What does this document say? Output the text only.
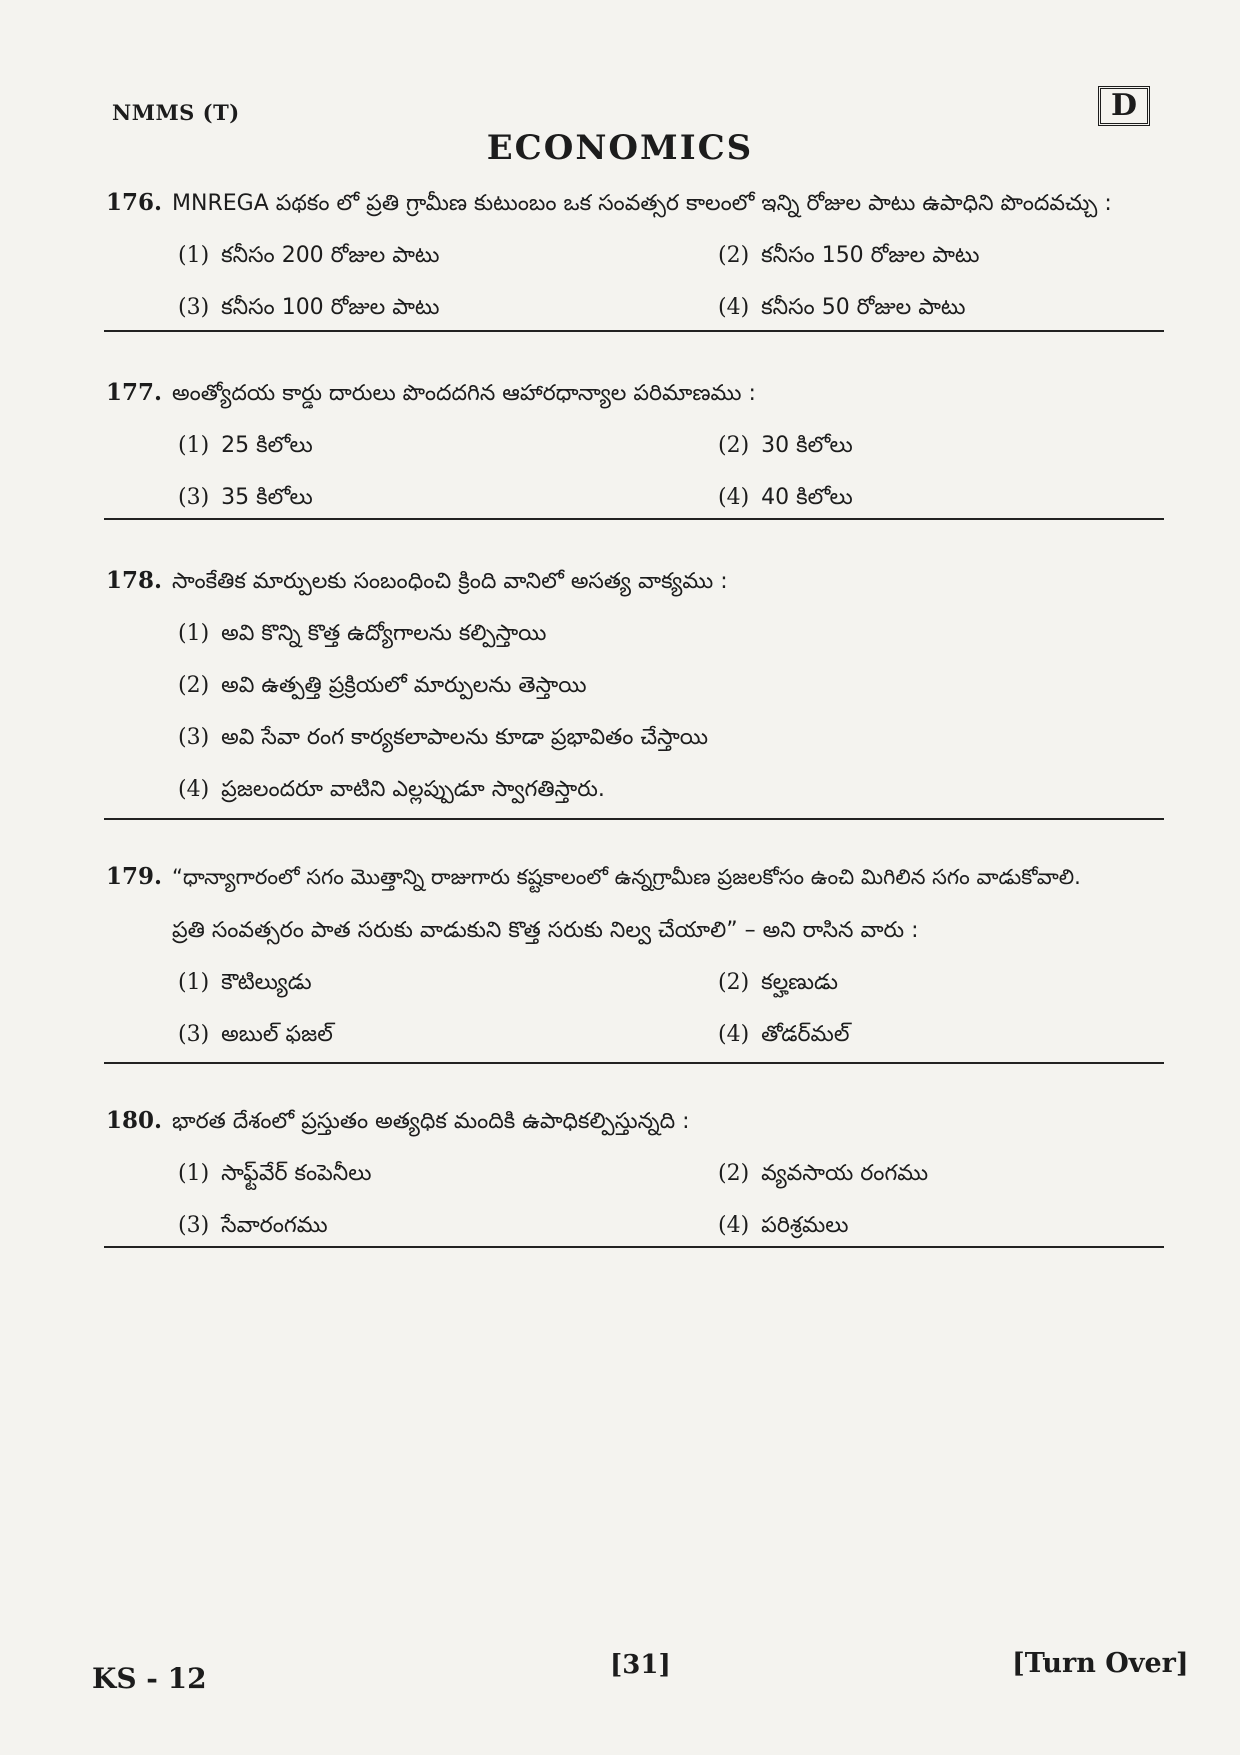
NMMS (T)	D
ECONOMICS
176. MNREGA పథకం లో ప్రతి గ్రామీణ కుటుంబం ఒక సంవత్సర కాలంలో ఇన్ని రోజుల పాటు ఉపాధిని పొందవచ్చు :
(1) కనీసం 200 రోజుల పాటు	(2) కనీసం 150 రోజుల పాటు
(3) కనీసం 100 రోజుల పాటు	(4) కనీసం 50 రోజుల పాటు
177. అంత్యోదయ కార్డు దారులు పొందదగిన ఆహారధాన్యాల పరిమాణము :
(1) 25 కిలోలు	(2) 30 కిలోలు
(3) 35 కిలోలు	(4) 40 కిలోలు
178. సాంకేతిక మార్పులకు సంబంధించి క్రింది వానిలో అసత్య వాక్యము :
(1) అవి కొన్ని కొత్త ఉద్యోగాలను కల్పిస్తాయి
(2) అవి ఉత్పత్తి ప్రక్రియలో మార్పులను తెస్తాయి
(3) అవి సేవా రంగ కార్యకలాపాలను కూడా ప్రభావితం చేస్తాయి
(4) ప్రజలందరూ వాటిని ఎల్లప్పుడూ స్వాగతిస్తారు.
179. “ధాన్యాగారంలో సగం మొత్తాన్ని రాజుగారు కష్టకాలంలో ఉన్నగ్రామీణ ప్రజలకోసం ఉంచి మిగిలిన సగం వాడుకోవాలి.
ప్రతి సంవత్సరం పాత సరుకు వాడుకుని కొత్త సరుకు నిల్వ చేయాలి” – అని రాసిన వారు :
(1) కౌటిల్యుడు	(2) కల్హణుడు
(3) అబుల్ ఫజల్	(4) తోడర్‌మల్
180. భారత దేశంలో ప్రస్తుతం అత్యధిక మందికి ఉపాధికల్పిస్తున్నది :
(1) సాఫ్ట్‌వేర్ కంపెనీలు	(2) వ్యవసాయ రంగము
(3) సేవారంగము	(4) పరిశ్రమలు
KS - 12	[31]	[Turn Over]
